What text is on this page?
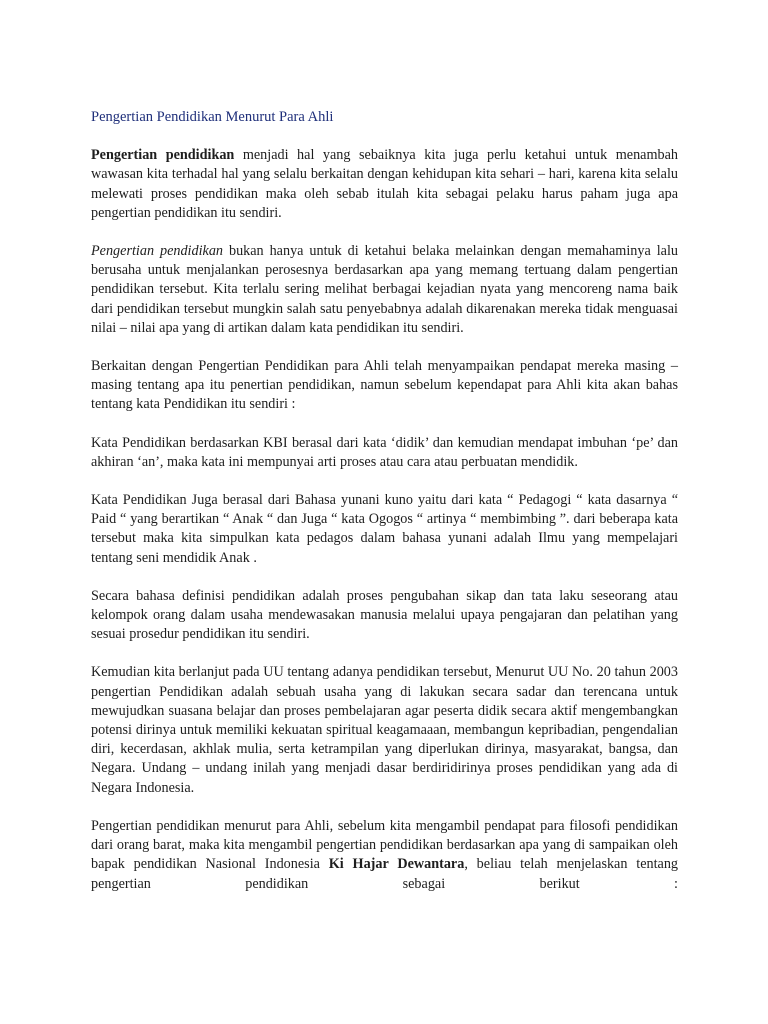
Pengertian Pendidikan Menurut Para Ahli

Pengertian pendidikan menjadi hal yang sebaiknya kita juga perlu ketahui untuk menambah wawasan kita terhadal hal yang selalu berkaitan dengan kehidupan kita sehari – hari, karena kita selalu melewati proses pendidikan maka oleh sebab itulah kita sebagai pelaku harus paham juga apa pengertian pendidikan itu sendiri.

Pengertian pendidikan bukan hanya untuk di ketahui belaka melainkan dengan memahaminya lalu berusaha untuk menjalankan perosesnya berdasarkan apa yang memang tertuang dalam pengertian pendidikan tersebut. Kita terlalu sering melihat berbagai kejadian nyata yang mencoreng nama baik dari pendidikan tersebut mungkin salah satu penyebabnya adalah dikarenakan mereka tidak menguasai nilai – nilai apa yang di artikan dalam kata pendidikan itu sendiri.

Berkaitan dengan Pengertian Pendidikan para Ahli telah menyampaikan pendapat mereka masing – masing tentang apa itu penertian pendidikan, namun sebelum kependapat para Ahli kita akan bahas tentang kata Pendidikan itu sendiri :

Kata Pendidikan berdasarkan KBI berasal dari kata ‘didik’ dan kemudian mendapat imbuhan ‘pe’ dan akhiran ‘an’, maka kata ini mempunyai arti proses atau cara atau perbuatan mendidik.

Kata Pendidikan Juga berasal dari Bahasa yunani kuno yaitu dari kata “ Pedagogi “ kata dasarnya “ Paid “ yang berartikan “ Anak “ dan Juga “ kata Ogogos “ artinya “ membimbing ”. dari beberapa kata tersebut maka kita simpulkan kata pedagos dalam bahasa yunani adalah Ilmu yang mempelajari tentang seni mendidik Anak .

Secara bahasa definisi pendidikan adalah proses pengubahan sikap dan tata laku seseorang atau kelompok orang dalam usaha mendewasakan manusia melalui upaya pengajaran dan pelatihan yang sesuai prosedur pendidikan itu sendiri.

Kemudian kita berlanjut pada UU tentang adanya pendidikan tersebut, Menurut UU No. 20 tahun 2003 pengertian Pendidikan adalah sebuah usaha yang di lakukan secara sadar dan terencana untuk mewujudkan suasana belajar dan proses pembelajaran agar peserta didik secara aktif mengembangkan potensi dirinya untuk memiliki kekuatan spiritual keagamaaan, membangun kepribadian, pengendalian diri, kecerdasan, akhlak mulia, serta ketrampilan yang diperlukan dirinya, masyarakat, bangsa, dan Negara. Undang – undang inilah yang menjadi dasar berdiridirinya proses pendidikan yang ada di Negara Indonesia.

Pengertian pendidikan menurut para Ahli, sebelum kita mengambil pendapat para filosofi pendidikan dari orang barat, maka kita mengambil pengertian pendidikan berdasarkan apa yang di sampaikan oleh bapak pendidikan Nasional Indonesia Ki Hajar Dewantara, beliau telah menjelaskan tentang pengertian pendidikan sebagai berikut :
